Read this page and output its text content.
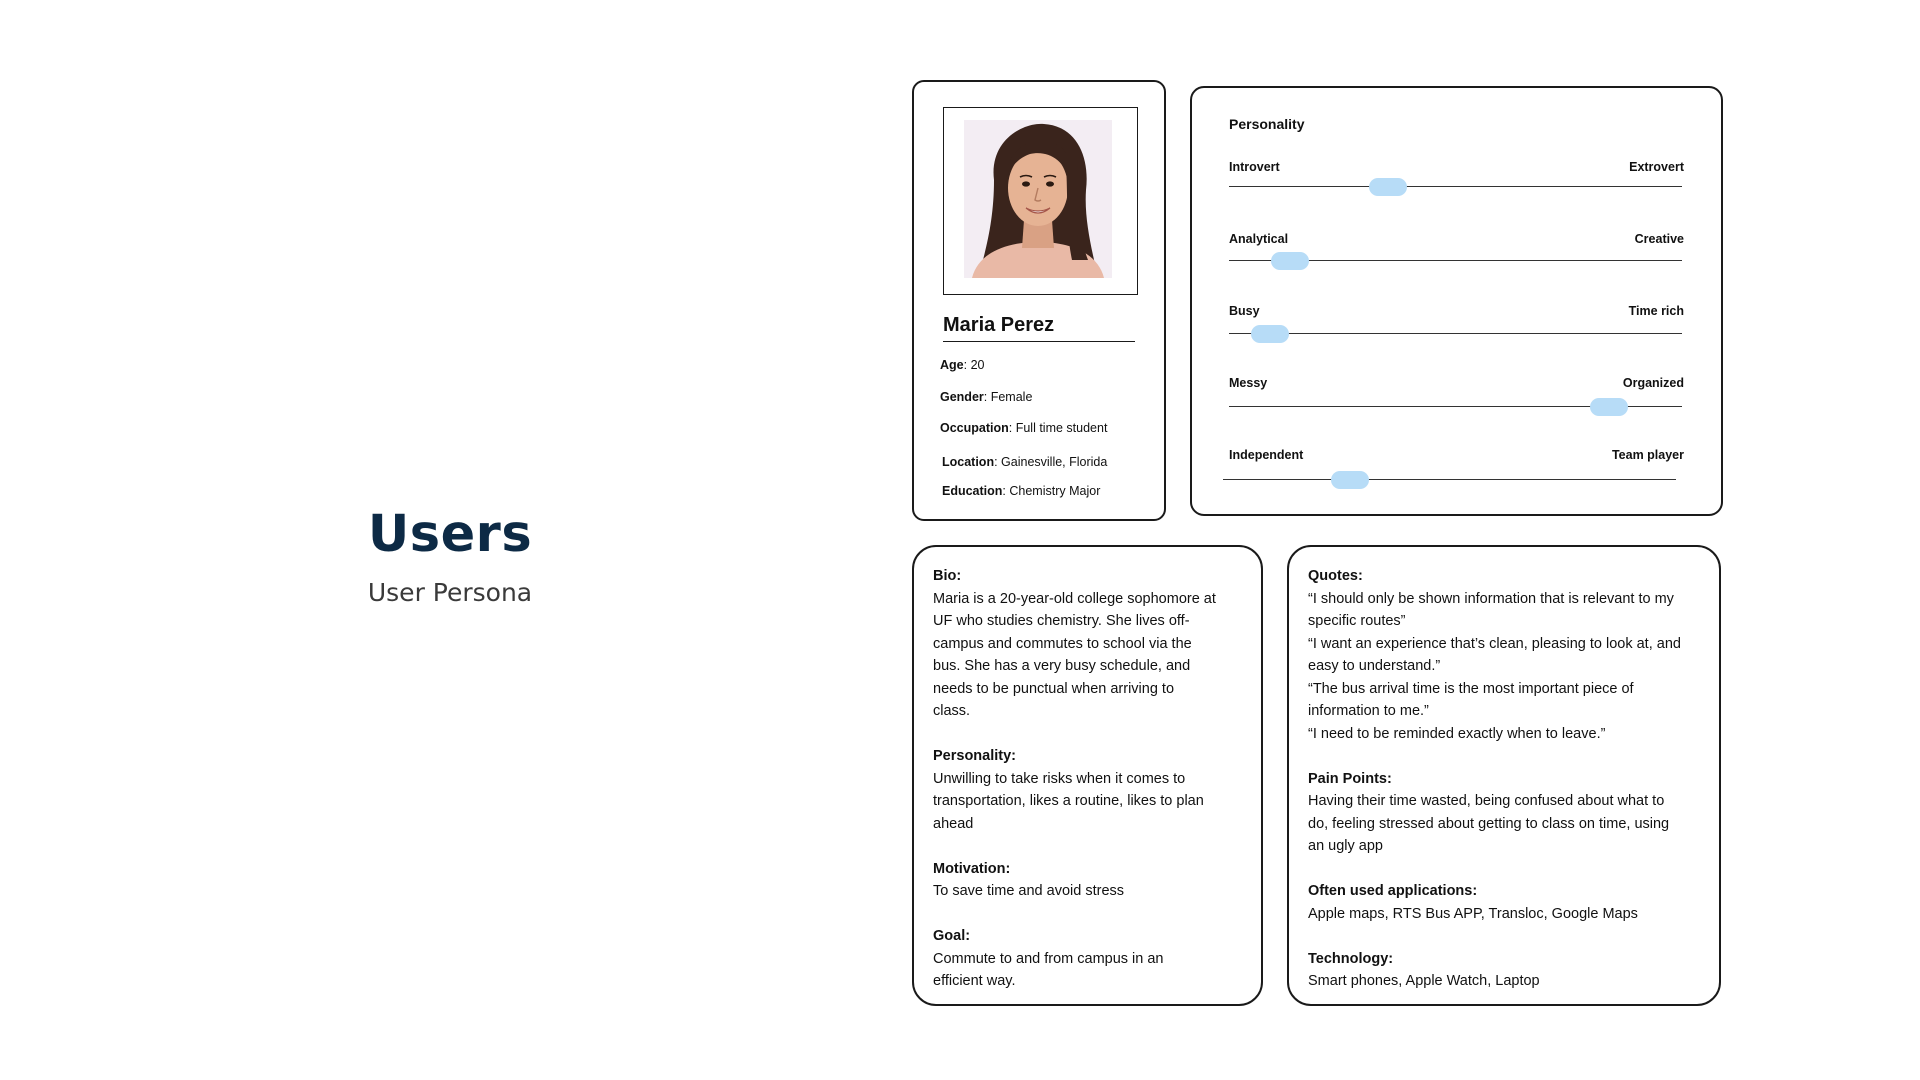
Users
User Persona
Maria Perez
Age: 20
Gender: Female
Occupation: Full time student
Location: Gainesville, Florida
Education: Chemistry Major
Personality
Introvert	Extrovert
Analytical	Creative
Busy	Time rich
Messy	Organized
Independent	Team player
Bio:

Maria is a 20-year-old college sophomore at

UF who studies chemistry. She lives off-

campus and commutes to school via the

bus. She has a very busy schedule, and

needs to be punctual when arriving to

class.

Personality:

Unwilling to take risks when it comes to

transportation, likes a routine, likes to plan

ahead

Motivation:

To save time and avoid stress

Goal:

Commute to and from campus in an

efficient way.

Quotes:

“I should only be shown information that is relevant to my

specific routes”

“I want an experience that’s clean, pleasing to look at, and

easy to understand.”

“The bus arrival time is the most important piece of

information to me.”

“I need to be reminded exactly when to leave.”

Pain Points:

Having their time wasted, being confused about what to

do, feeling stressed about getting to class on time, using

an ugly app

Often used applications:

Apple maps, RTS Bus APP, Transloc, Google Maps

Technology:

Smart phones, Apple Watch, Laptop
